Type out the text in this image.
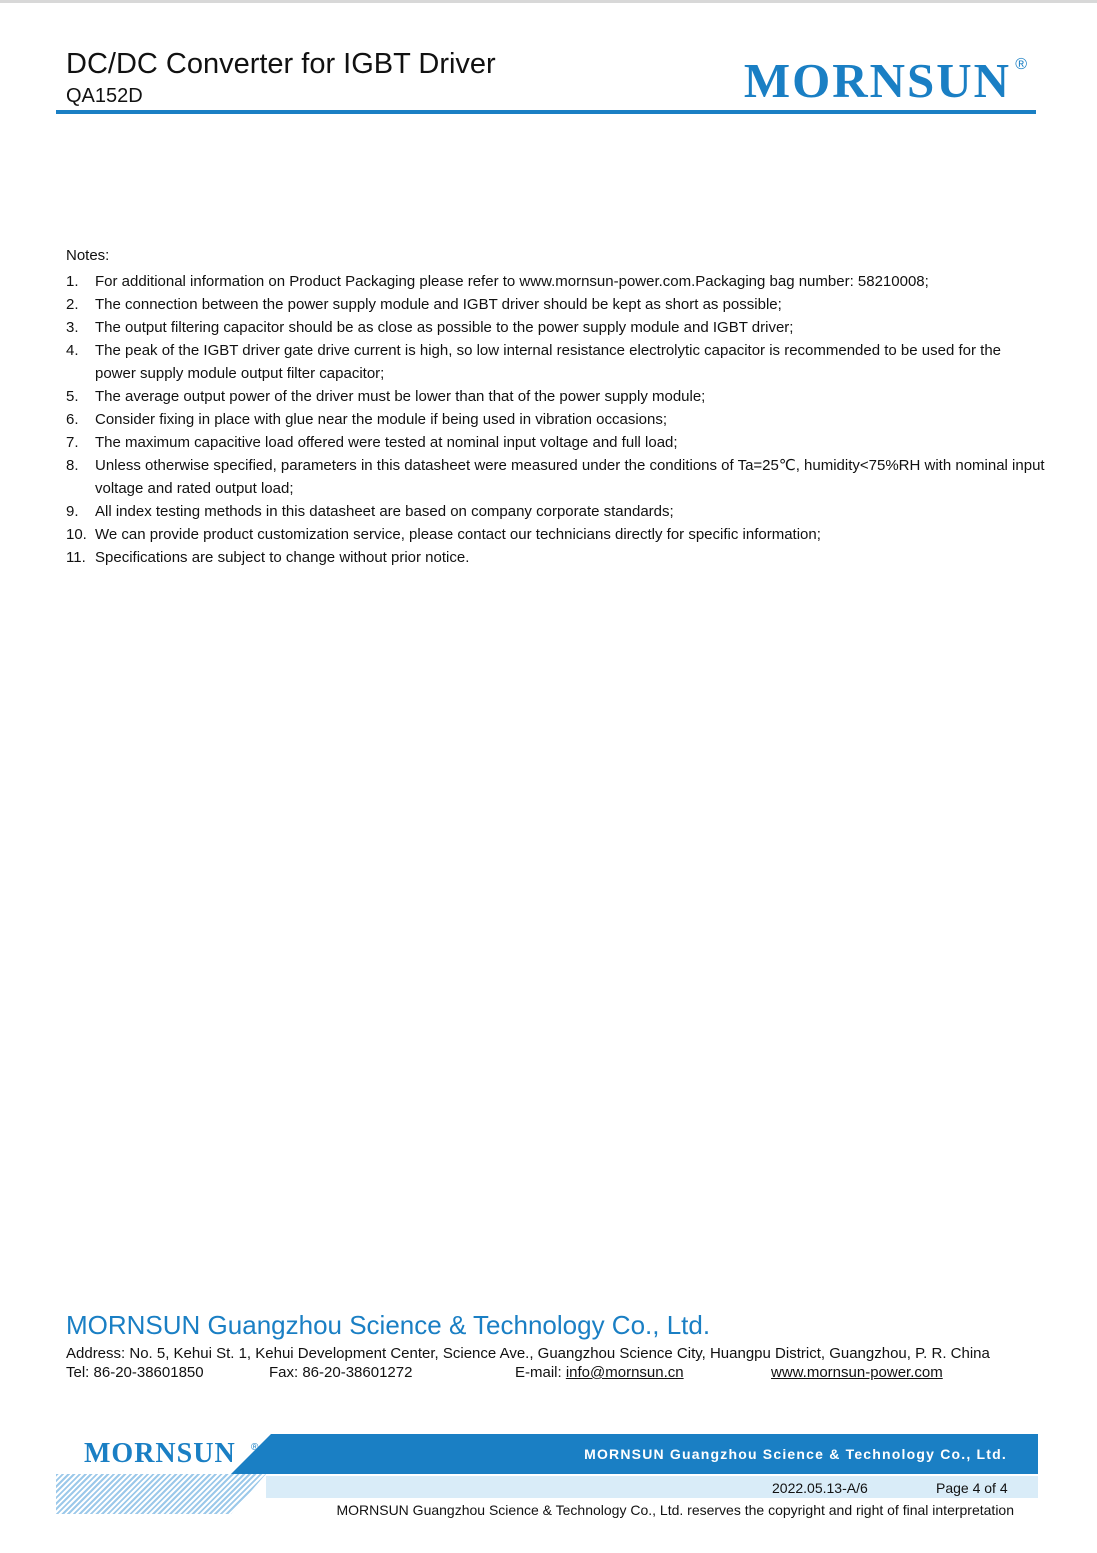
DC/DC Converter for IGBT Driver
QA152D	MORNSUN ®
Notes:
1. For additional information on Product Packaging please refer to www.mornsun-power.com.Packaging bag number: 58210008;
2. The connection between the power supply module and IGBT driver should be kept as short as possible;
3. The output filtering capacitor should be as close as possible to the power supply module and IGBT driver;
4. The peak of the IGBT driver gate drive current is high, so low internal resistance electrolytic capacitor is recommended to be used for the power supply module output filter capacitor;
5. The average output power of the driver must be lower than that of the power supply module;
6. Consider fixing in place with glue near the module if being used in vibration occasions;
7. The maximum capacitive load offered were tested at nominal input voltage and full load;
8. Unless otherwise specified, parameters in this datasheet were measured under the conditions of Ta=25℃, humidity<75%RH with nominal input voltage and rated output load;
9. All index testing methods in this datasheet are based on company corporate standards;
10. We can provide product customization service, please contact our technicians directly for specific information;
11. Specifications are subject to change without prior notice.
MORNSUN Guangzhou Science & Technology Co., Ltd.
Address: No. 5, Kehui St. 1, Kehui Development Center, Science Ave., Guangzhou Science City, Huangpu District, Guangzhou, P. R. China
Tel: 86-20-38601850	Fax: 86-20-38601272	E-mail: info@mornsun.cn	www.mornsun-power.com
MORNSUN ®	MORNSUN Guangzhou Science & Technology Co., Ltd.
2022.05.13-A/6	Page 4 of 4
MORNSUN Guangzhou Science & Technology Co., Ltd. reserves the copyright and right of final interpretation
